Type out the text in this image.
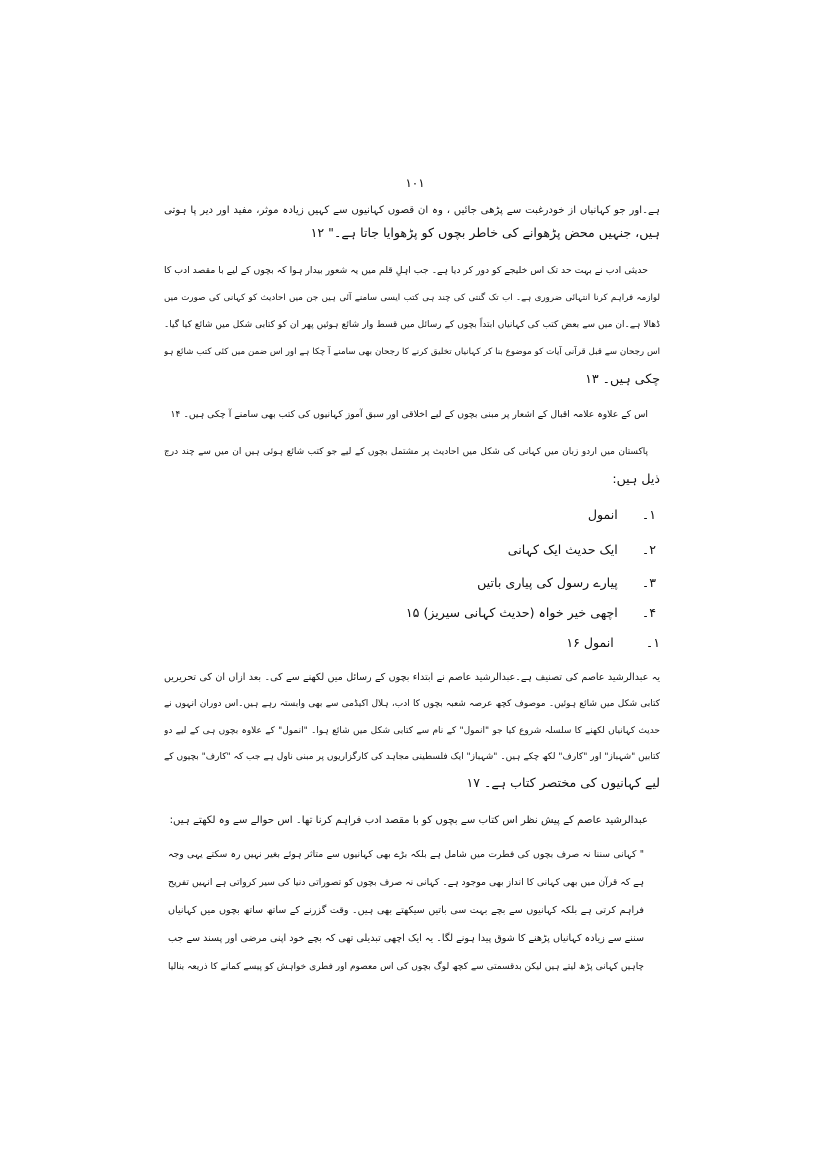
۱۰۱
ہے۔اور جو کہانیاں از خودرغبت سے پڑھی جائیں ، وہ ان قصوں کہانیوں سے کہیں زیادہ موثر، مفید اور دیر پا ہوتی
ہیں، جنہیں محض پڑھوانے کی خاطر بچوں کو پڑھوایا جاتا ہے۔" ۱۲
حدیثی ادب نے بہت حد تک اس خلیجے کو دور کر دیا ہے۔ جب اہلِ قلم میں یہ شعور بیدار ہوا کہ بچوں کے لیے با مقصد ادب کا
لوازمہ فراہم کرنا انتہائی ضروری ہے۔ اب تک گنتی کی چند ہی کتب ایسی سامنے آئی ہیں جن میں احادیث کو کہانی کی صورت میں
ڈھالا ہے۔ان میں سے بعض کتب کی کہانیاں ابتداً بچوں کے رسائل میں قسط وار شائع ہوئیں پھر ان کو کتابی شکل میں شائع کیا گیا۔
اس رجحان سے قبل قرآنی آیات کو موضوع بنا کر کہانیاں تخلیق کرنے کا رجحان بھی سامنے آ چکا ہے اور اس ضمن میں کئی کتب شائع ہو
چکی ہیں۔ ۱۳
اس کے علاوہ علامہ اقبال کے اشعار پر مبنی بچوں کے لیے اخلاقی اور سبق آموز کہانیوں کی کتب بھی سامنے آ چکی ہیں۔ ۱۴
پاکستان میں اردو زبان میں کہانی کی شکل میں احادیث پر مشتمل بچوں کے لیے جو کتب شائع ہوئی ہیں ان میں سے چند درج
ذیل ہیں:
۱۔      انمول
۲۔      ایک حدیث ایک کہانی
۳۔      پیارے رسول کی پیاری باتیں
۴۔      اچھی خیر خواہ (حدیث کہانی سیریز) ۱۵
۱۔        انمول ۱۶
یہ عبدالرشید عاصم کی تصنیف ہے۔عبدالرشید عاصم نے ابتداء بچوں کے رسائل میں لکھنے سے کی۔ بعد ازاں ان کی تحریریں
کتابی شکل میں شائع ہوئیں۔ موصوف کچھ عرصہ شعبہ بچوں کا ادب، ہلال اکیڈمی سے بھی وابستہ رہے ہیں۔اس دوران انہوں نے
حدیث کہانیاں لکھنے کا سلسلہ شروع کیا جو "انمول" کے نام سے کتابی شکل میں شائع ہوا۔ "انمول" کے علاوہ بچوں ہی کے لیے دو
کتابیں "شہباز" اور "کارف" لکھ چکے ہیں۔ "شہباز" ایک فلسطینی مجاہد کی کارگزاریوں پر مبنی ناول ہے جب کہ "کارف" بچیوں کے
لیے کہانیوں کی مختصر کتاب ہے۔ ۱۷
عبدالرشید عاصم کے پیش نظر اس کتاب سے بچوں کو با مقصد ادب فراہم کرنا تھا۔ اس حوالے سے وہ لکھتے ہیں:
" کہانی سننا نہ صرف بچوں کی فطرت میں شامل ہے بلکہ بڑے بھی کہانیوں سے متاثر ہوئے بغیر نہیں رہ سکتے یہی وجہ
ہے کہ قرآن میں بھی کہانی کا انداز بھی موجود ہے۔ کہانی نہ صرف بچوں کو تصوراتی دنیا کی سیر کرواتی ہے انہیں تفریح
فراہم کرتی ہے بلکہ کہانیوں سے بچے بہت سی باتیں سیکھتے بھی ہیں۔ وقت گزرنے کے ساتھ ساتھ بچوں میں کہانیاں
سننے سے زیادہ کہانیاں پڑھنے کا شوق پیدا ہونے لگا۔ یہ ایک اچھی تبدیلی تھی کہ بچے خود اپنی مرضی اور پسند سے جب
چاہیں کہانی پڑھ لیتے ہیں لیکن بدقسمتی سے کچھ لوگ بچوں کی اس معصوم اور فطری خواہش کو پیسے کمانے کا ذریعہ بنالیا
